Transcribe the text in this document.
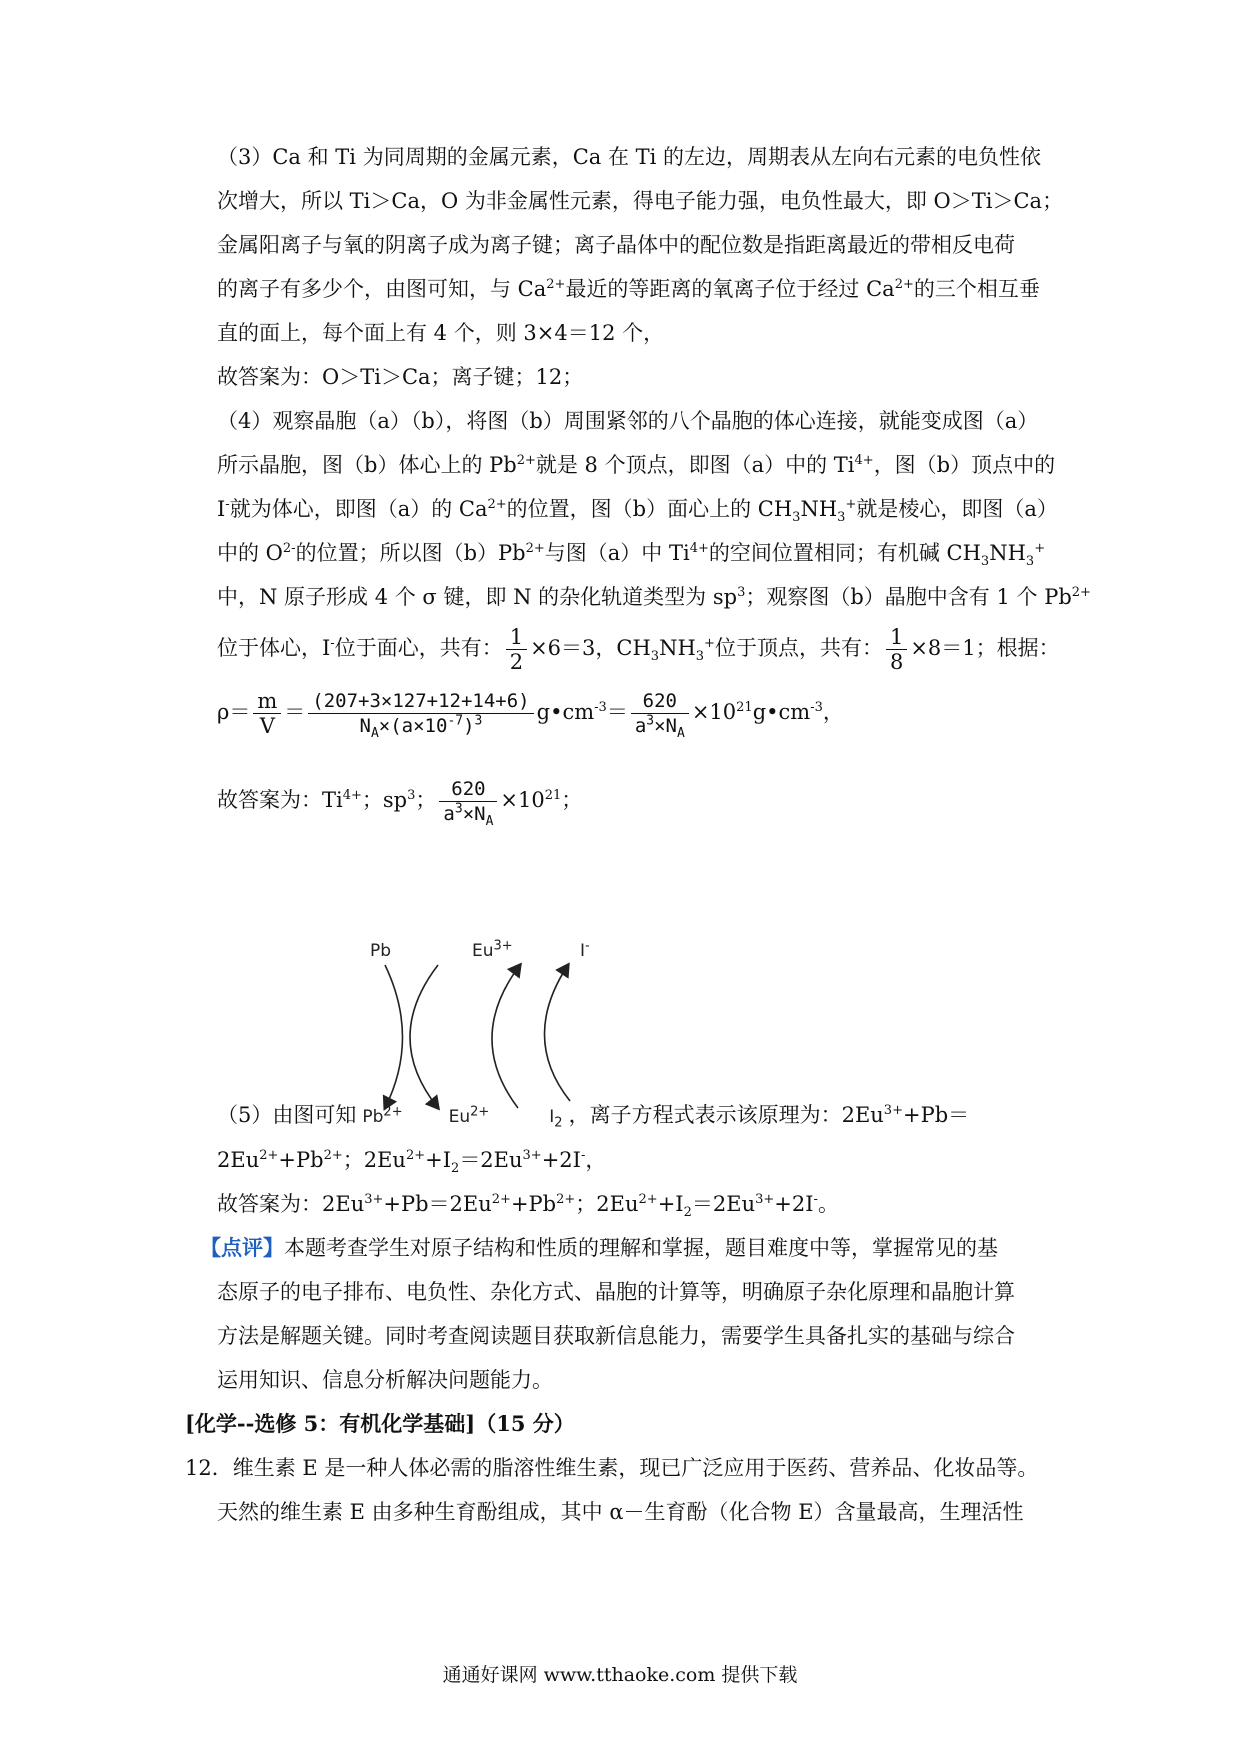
（3）Ca 和 Ti 为同周期的金属元素，Ca 在 Ti 的左边，周期表从左向右元素的电负性依
次增大，所以 Ti＞Ca，O 为非金属性元素，得电子能力强，电负性最大，即 O＞Ti＞Ca；
金属阳离子与氧的阴离子成为离子键；离子晶体中的配位数是指距离最近的带相反电荷
的离子有多少个，由图可知，与 $Ca^{2+}$最近的等距离的氧离子位于经过 $Ca^{2+}$的三个相互垂
直的面上，每个面上有 4 个，则 3×4＝12 个，
故答案为：O＞Ti＞Ca；离子键；12；
（4）观察晶胞（a）（b），将图（b）周围紧邻的八个晶胞的体心连接，就能变成图（a）
所示晶胞，图（b）体心上的 $Pb^{2+}$就是 8 个顶点，即图（a）中的 $Ti^{4+}$，图（b）顶点中的
I-就为体心，即图（a）的 $Ca^{2+}$的位置，图（b）面心上的 $CH_3NH_3^+$就是棱心，即图（a）
中的 $O^{2-}$的位置；所以图$(b)Pb^{2+}$与图（a）中 $Ti^{4+}$的空间位置相同；有机碱 $CH_3NH_3^+$
中，N 原子形成 4 个 σ 键，即 N 的杂化轨道类型为 $sp^3$；观察图（b）晶胞中含有 1 个 $Pb^{2+}$
位于体心，I-位于面心，共有： $\frac{1}{2} \times 6=3$，$CH_3NH_3^+$位于顶点，共有： $\frac{1}{8} \times 8=1$；根据：
$\rho= \frac{m}{V} = \frac{(207+3\times 127+12+14+6)}{N_A\times(a\times 10^{-7})^3}$ $g•cm^{-3}= \frac{620}{a^3\times N_A}$ $\times 10^{21}g•cm^{-3}$，
故答案为：$Ti^{4+}$；$sp^3$； $\frac{620}{a^3\times N_A} \times 10^{21}$；
Pb	$Eu^{3+}$	I-
（5）由图可知 $Pb^{2+}$	$Eu^{2+}$	$I_2$ ，离子方程式表示该原理为：$2Eu^{3+}+Pb=$
$2Eu^{2+}+Pb^{2+}$；$2Eu^{2+}+I_2=2Eu^{3+}+2I^-$，
故答案为：$2Eu^{3+}+Pb=2Eu^{2+}+Pb^{2+}$；$2Eu^{2+}+I_2=2Eu^{3+}+2I^-$。
【点评】本题考查学生对原子结构和性质的理解和掌握，题目难度中等，掌握常见的基
态原子的电子排布、电负性、杂化方式、晶胞的计算等，明确原子杂化原理和晶胞计算
方法是解题关键。同时考查阅读题目获取新信息能力，需要学生具备扎实的基础与综合
运用知识、信息分析解决问题能力。
[化学--选修 5：有机化学基础]（15 分）
12．维生素 E 是一种人体必需的脂溶性维生素，现已广泛应用于医药、营养品、化妆品等。
天然的维生素 E 由多种生育酚组成，其中 α－生育酚（化合物 E）含量最高，生理活性
通通好课网 www.tthaoke.com 提供下载
